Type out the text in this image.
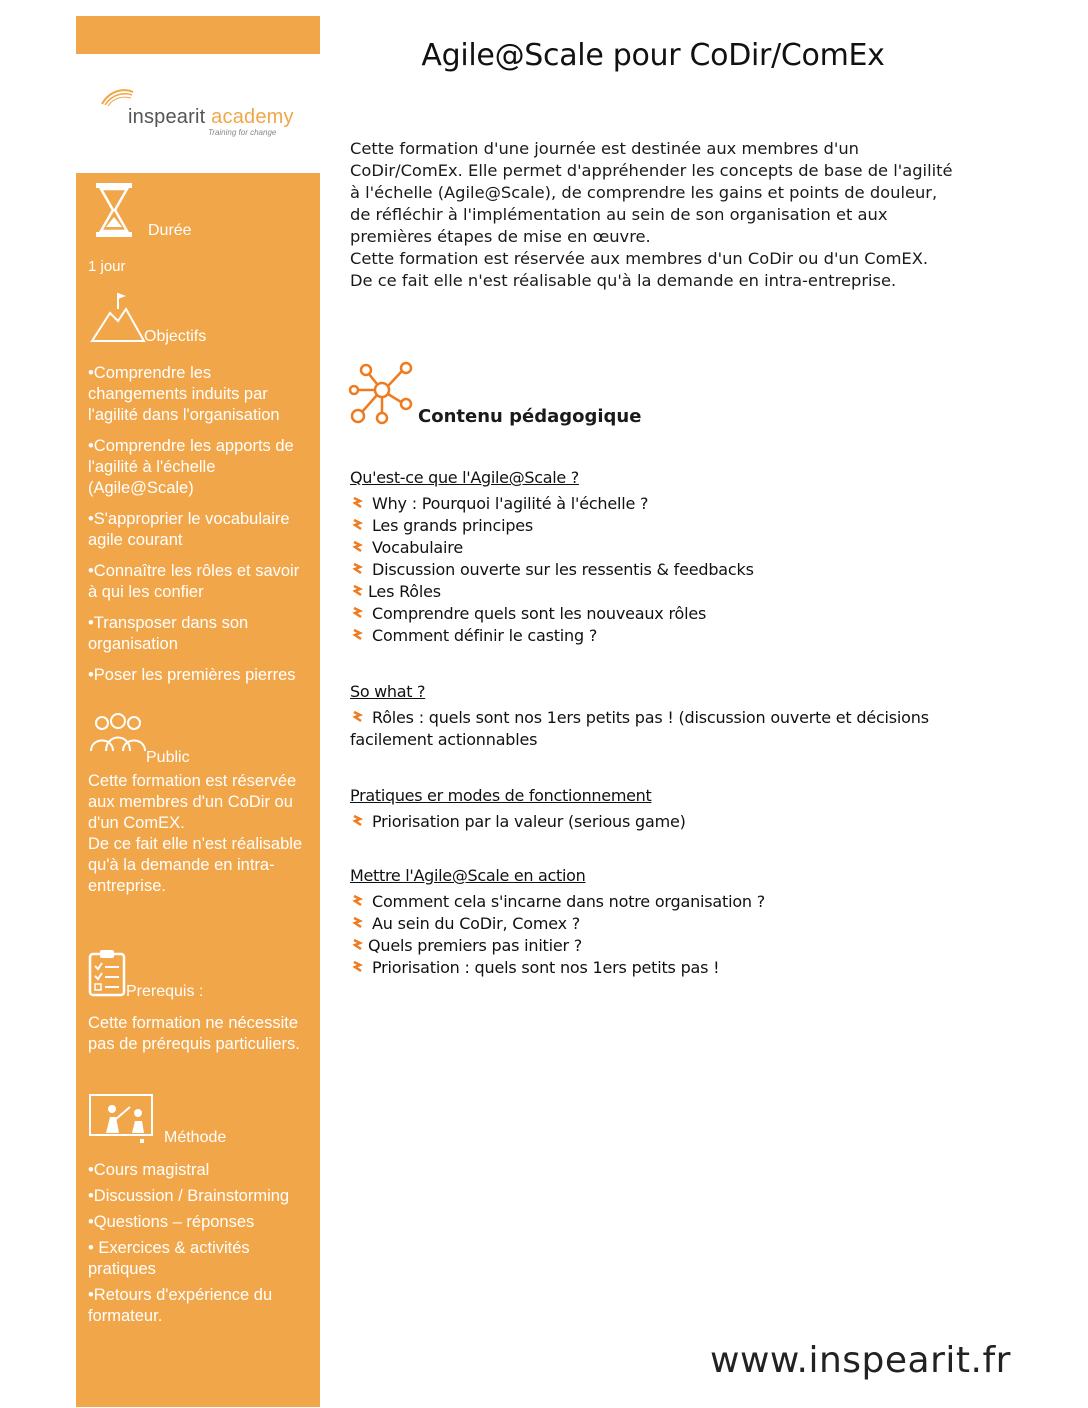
inspearit academy
Training for change
Durée
1 jour
Objectifs
•Comprendre les changements induits par l'agilité dans l'organisation
•Comprendre les apports de l'agilité à l'échelle (Agile@Scale)
•S'approprier le vocabulaire agile courant
•Connaître les rôles et savoir à qui les confier
•Transposer dans son organisation
•Poser les premières pierres
Public
Cette formation est réservée aux membres d'un CoDir ou d'un ComEX.
De ce fait elle n'est réalisable qu'à la demande en intra-entreprise.
Prerequis :
Cette formation ne nécessite pas de prérequis particuliers.
Méthode
•Cours magistral
•Discussion / Brainstorming
•Questions – réponses
• Exercices & activités pratiques
•Retours d'expérience du formateur.
Agile@Scale pour CoDir/ComEx

Cette formation d'une journée est destinée aux membres d'un CoDir/ComEx. Elle permet d'appréhender les concepts de base de l'agilité à l'échelle (Agile@Scale), de comprendre les gains et points de douleur, de réfléchir à l'implémentation au sein de son organisation et aux premières étapes de mise en œuvre.

Cette formation est réservée aux membres d'un CoDir ou d'un ComEX.

De ce fait elle n'est réalisable qu'à la demande en intra-entreprise.

Contenu pédagogique
Qu'est-ce que l'Agile@Scale ?
Why : Pourquoi l'agilité à l'échelle ?
Les grands principes
Vocabulaire
Discussion ouverte sur les ressentis & feedbacks
Les Rôles
Comprendre quels sont les nouveaux rôles
Comment définir le casting ?
So what ?
Rôles : quels sont nos 1ers petits pas ! (discussion ouverte et décisions facilement actionnables
Pratiques er modes de fonctionnement
Priorisation par la valeur (serious game)
Mettre l'Agile@Scale en action
Comment cela s'incarne dans notre organisation ?
Au sein du CoDir, Comex ?
Quels premiers pas initier ?
Priorisation : quels sont nos 1ers petits pas !
www.inspearit.fr
